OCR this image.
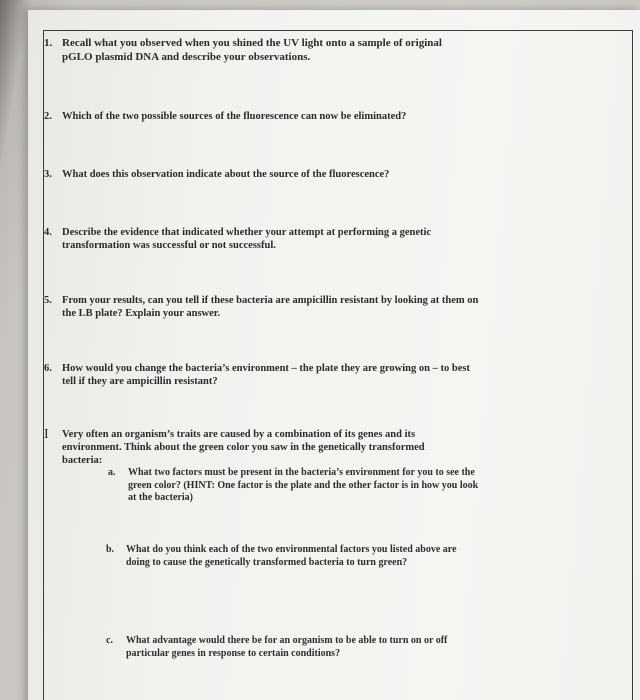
1. Recall what you observed when you shined the UV light onto a sample of original pGLO plasmid DNA and describe your observations.
2. Which of the two possible sources of the fluorescence can now be eliminated?
3. What does this observation indicate about the source of the fluorescence?
4. Describe the evidence that indicated whether your attempt at performing a genetic transformation was successful or not successful.
5. From your results, can you tell if these bacteria are ampicillin resistant by looking at them on the LB plate? Explain your answer.
6. How would you change the bacteria’s environment – the plate they are growing on – to best tell if they are ampicillin resistant?
I Very often an organism’s traits are caused by a combination of its genes and its environment. Think about the green color you saw in the genetically transformed bacteria:
a. What two factors must be present in the bacteria’s environment for you to see the green color? (HINT: One factor is the plate and the other factor is in how you look at the bacteria)
b. What do you think each of the two environmental factors you listed above are doing to cause the genetically transformed bacteria to turn green?
c. What advantage would there be for an organism to be able to turn on or off particular genes in response to certain conditions?
